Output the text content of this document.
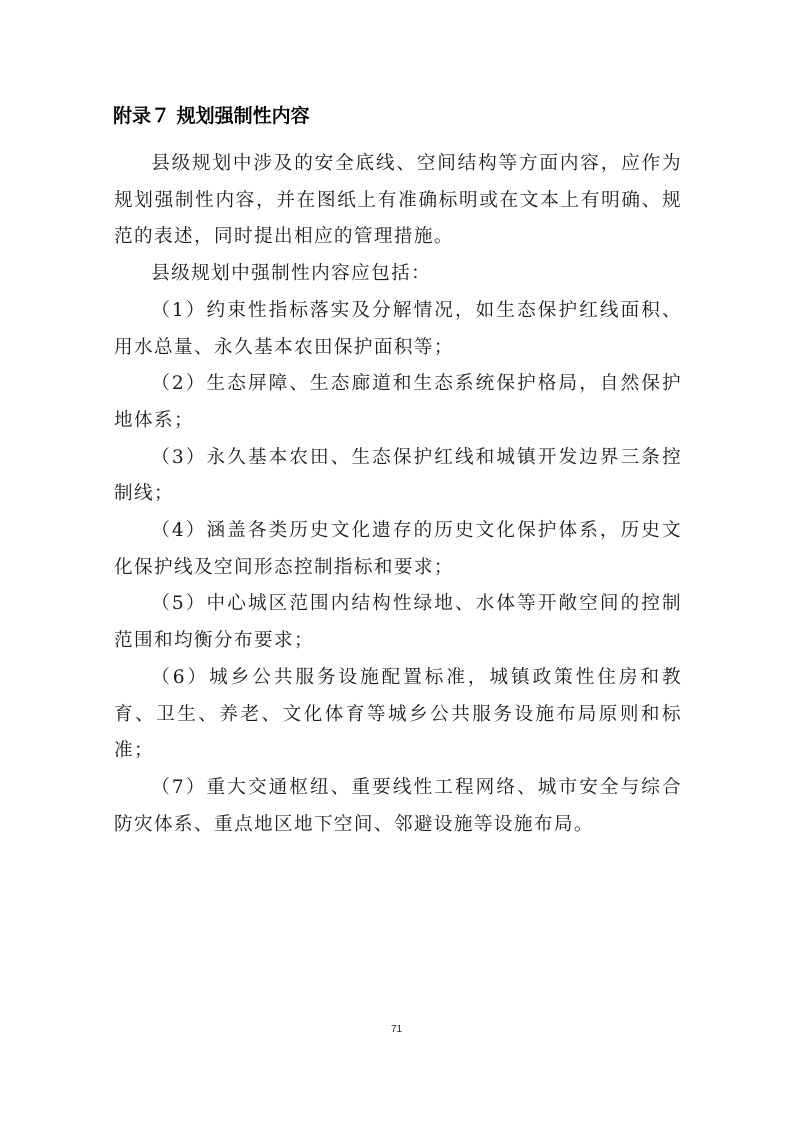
附录７ 规划强制性内容

县级规划中涉及的安全底线、空间结构等方面内容，应作为规划强制性内容，并在图纸上有准确标明或在文本上有明确、规范的表述，同时提出相应的管理措施。

县级规划中强制性内容应包括：

（1）约束性指标落实及分解情况，如生态保护红线面积、用水总量、永久基本农田保护面积等；

（2）生态屏障、生态廊道和生态系统保护格局，自然保护地体系；

（3）永久基本农田、生态保护红线和城镇开发边界三条控制线；

（4）涵盖各类历史文化遗存的历史文化保护体系，历史文化保护线及空间形态控制指标和要求；

（5）中心城区范围内结构性绿地、水体等开敞空间的控制范围和均衡分布要求；

（6）城乡公共服务设施配置标准，城镇政策性住房和教育、卫生、养老、文化体育等城乡公共服务设施布局原则和标准；

（7）重大交通枢纽、重要线性工程网络、城市安全与综合防灾体系、重点地区地下空间、邻避设施等设施布局。

71
